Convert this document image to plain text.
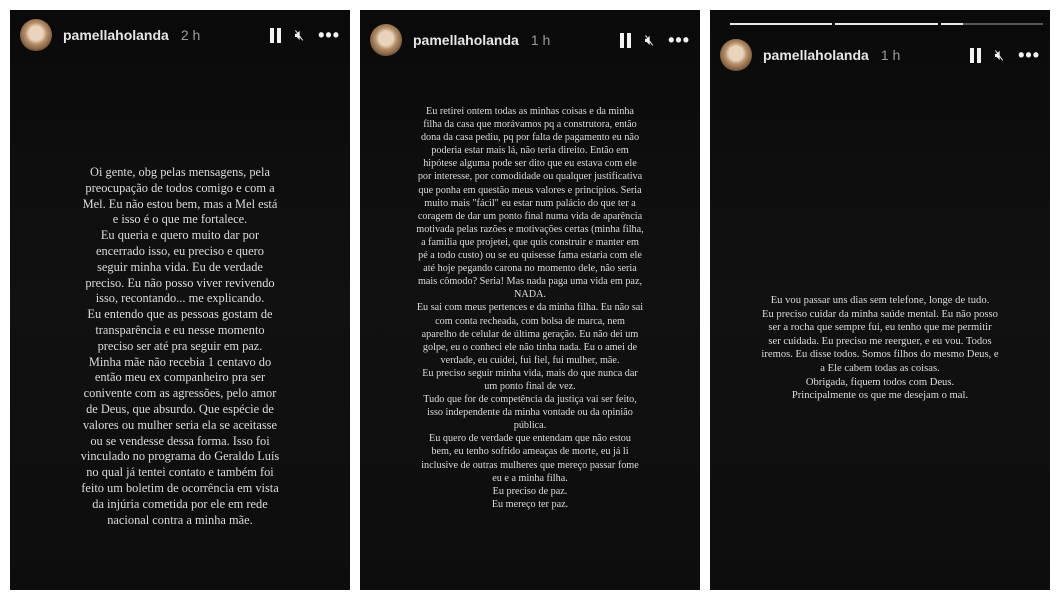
pamellaholanda 2 h	🔇︎ •••
Oi gente, obg pelas mensagens, pela
preocupação de todos comigo e com a
Mel. Eu não estou bem, mas a Mel está
e isso é o que me fortalece.
Eu queria e quero muito dar por
encerrado isso, eu preciso e quero
seguir minha vida. Eu de verdade
preciso. Eu não posso viver revivendo
isso, recontando... me explicando.
Eu entendo que as pessoas gostam de
transparência e eu nesse momento
preciso ser até pra seguir em paz.
Minha mãe não recebia 1 centavo do
então meu ex companheiro pra ser
conivente com as agressões, pelo amor
de Deus, que absurdo. Que espécie de
valores ou mulher seria ela se aceitasse
ou se vendesse dessa forma. Isso foi
vinculado no programa do Geraldo Luís
no qual já tentei contato e também foi
feito um boletim de ocorrência em vista
da injúria cometida por ele em rede
nacional contra a minha mãe.
pamellaholanda 1 h	🔇︎ •••
Eu retirei ontem todas as minhas coisas e da minha
filha da casa que morávamos pq a construtora, então
dona da casa pediu, pq por falta de pagamento eu não
poderia estar mais lá, não teria direito. Então em
hipótese alguma pode ser dito que eu estava com ele
por interesse, por comodidade ou qualquer justificativa
que ponha em questão meus valores e princípios. Seria
muito mais "fácil" eu estar num palácio do que ter a
coragem de dar um ponto final numa vida de aparência
motivada pelas razões e motivações certas (minha filha,
a família que projetei, que quis construir e manter em
pé a todo custo) ou se eu quisesse fama estaria com ele
até hoje pegando carona no momento dele, não seria
mais cômodo? Seria! Mas nada paga uma vida em paz,
NADA.
Eu sai com meus pertences e da minha filha. Eu não sai
com conta recheada, com bolsa de marca, nem
aparelho de celular de última geração. Eu não dei um
golpe, eu o conheci ele não tinha nada. Eu o amei de
verdade, eu cuidei, fui fiel, fui mulher, mãe.
Eu preciso seguir minha vida, mais do que nunca dar
um ponto final de vez.
Tudo que for de competência da justiça vai ser feito,
isso independente da minha vontade ou da opinião
pública.
Eu quero de verdade que entendam que não estou
bem, eu tenho sofrido ameaças de morte, eu já li
inclusive de outras mulheres que mereço passar fome
eu e a minha filha.
Eu preciso de paz.
Eu mereço ter paz.
pamellaholanda 1 h	🔇︎ •••
Eu vou passar uns dias sem telefone, longe de tudo.
Eu preciso cuidar da minha saúde mental. Eu não posso
ser a rocha que sempre fui, eu tenho que me permitir
ser cuidada. Eu preciso me reerguer, e eu vou. Todos
iremos. Eu disse todos. Somos filhos do mesmo Deus, e
a Ele cabem todas as coisas.
Obrigada, fiquem todos com Deus.
Principalmente os que me desejam o mal.
